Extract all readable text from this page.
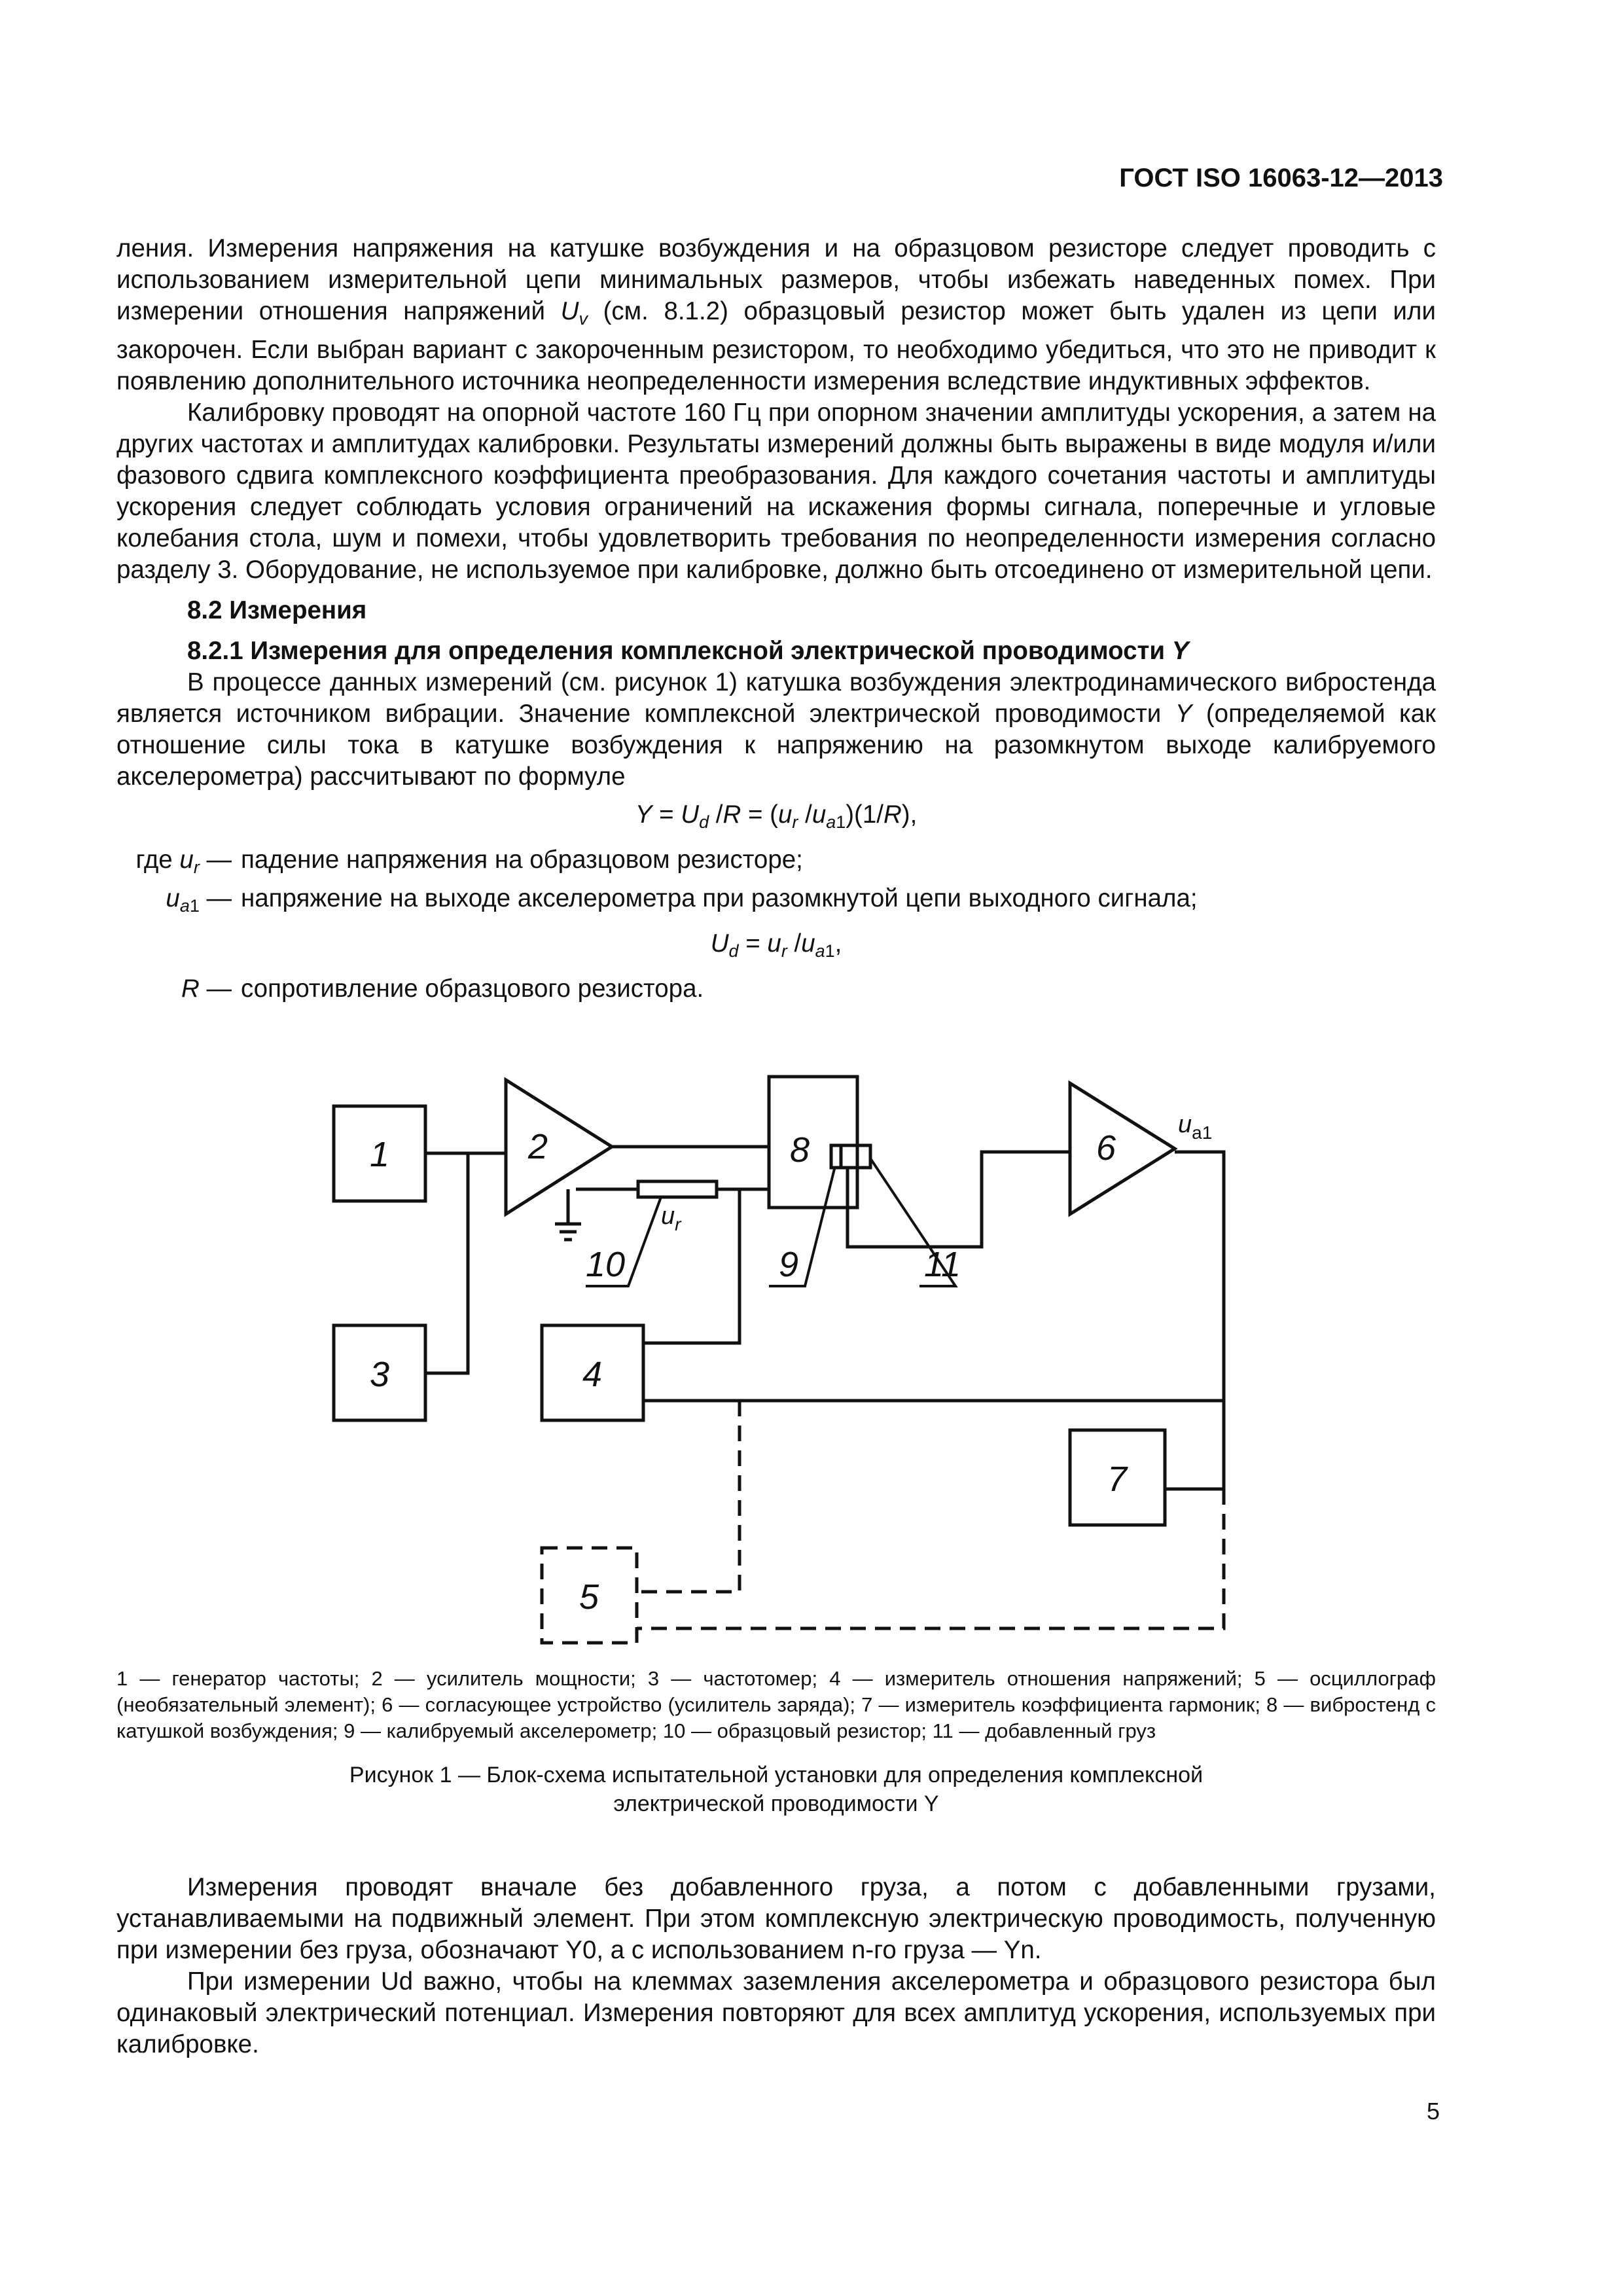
ГОСТ ISO 16063-12—2013

ления. Измерения напряжения на катушке возбуждения и на образцовом резисторе следует проводить с использованием измерительной цепи минимальных размеров, чтобы избежать наведенных помех. При измерении отношения напряжений $U_v$ (см. 8.1.2) образцовый резистор может быть удален из цепи или закорочен. Если выбран вариант с закороченным резистором, то необходимо убедиться, что это не приводит к появлению дополнительного источника неопределенности измерения вследствие индуктивных эффектов.

Калибровку проводят на опорной частоте 160 Гц при опорном значении амплитуды ускорения, а затем на других частотах и амплитудах калибровки. Результаты измерений должны быть выражены в виде модуля и/или фазового сдвига комплексного коэффициента преобразования. Для каждого сочетания частоты и амплитуды ускорения следует соблюдать условия ограничений на искажения формы сигнала, поперечные и угловые колебания стола, шум и помехи, чтобы удовлетворить требования по неопределенности измерения согласно разделу 3. Оборудование, не используемое при калибровке, должно быть отсоединено от измерительной цепи.

8.2 Измерения

8.2.1 Измерения для определения комплексной электрической проводимости Y

В процессе данных измерений (см. рисунок 1) катушка возбуждения электродинамического вибростенда является источником вибрации. Значение комплексной электрической проводимости Y (определяемой как отношение силы тока в катушке возбуждения к напряжению на разомкнутом выходе калибруемого акселерометра) рассчитывают по формуле

$Y = U_d$ $/R = (u_r$ $/u_{a1})(1/R)$,

где $u_r$ — падение напряжения на образцовом резисторе;
$u_{a1}$ — напряжение на выходе акселерометра при разомкнутой цепи выходного сигнала;

$U_d = u_r$ $/u_{a1}$,

R — сопротивление образцового резистора.
1	2
3	4
5
6
7
8
9
10	11
$u_r$
$u_{a1}$
1 — генератор частоты; 2 — усилитель мощности; 3 — частотомер; 4 — измеритель отношения напряжений; 5 — осциллограф (необязательный элемент); 6 — согласующее устройство (усилитель заряда); 7 — измеритель коэффициента гармоник; 8 — вибростенд с катушкой возбуждения; 9 — калибруемый акселерометр; 10 — образцовый резистор; 11 — добавленный груз
Рисунок 1 — Блок-схема испытательной установки для определения комплексной
электрической проводимости Y

Измерения проводят вначале без добавленного груза, а потом с добавленными грузами, устанавливаемыми на подвижный элемент. При этом комплексную электрическую проводимость, полученную при измерении без груза, обозначают Y0, а с использованием n-го груза — Yn.

При измерении Ud важно, чтобы на клеммах заземления акселерометра и образцового резистора был одинаковый электрический потенциал. Измерения повторяют для всех амплитуд ускорения, используемых при калибровке.

5
